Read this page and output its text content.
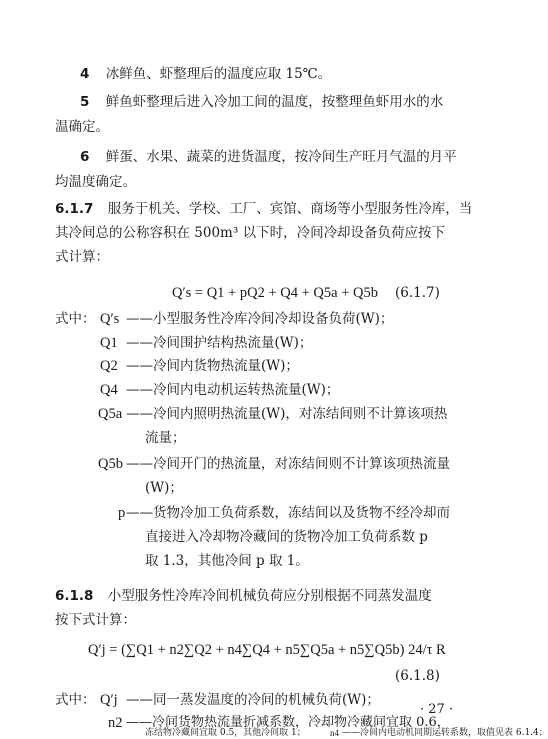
4 冰鲜鱼、虾整理后的温度应取 15℃。
5 鲜鱼虾整理后进入冷加工间的温度，按整理鱼虾用水的水
温确定。
6 鲜蛋、水果、蔬菜的进货温度，按冷间生产旺月气温的月平
均温度确定。
6.1.7 服务于机关、学校、工厂、宾馆、商场等小型服务性冷库，当
其冷间总的公称容积在 500m³ 以下时，冷间冷却设备负荷应按下
式计算：
Q′s = Q1 + pQ2 + Q4 + Q5a + Q5b (6.1.7)
式中： Q′s ——小型服务性冷库冷间冷却设备负荷(W)；
Q1 ——冷间围护结构热流量(W)；
Q2 ——冷间内货物热流量(W)；
Q4 ——冷间内电动机运转热流量(W)；
Q5a ——冷间内照明热流量(W)，对冻结间则不计算该项热
流量；
Q5b ——冷间开门的热流量，对冻结间则不计算该项热流量
(W)；
p ——货物冷加工负荷系数，冻结间以及货物不经冷却而
直接进入冷却物冷藏间的货物冷加工负荷系数 p
取 1.3，其他冷间 p 取 1。
6.1.8 小型服务性冷库冷间机械负荷应分别根据不同蒸发温度
按下式计算：
Q′j = (∑Q1 + n2∑Q2 + n4∑Q4 + n5∑Q5a + n5∑Q5b) 24/τ R
(6.1.8)
式中： Q′j ——同一蒸发温度的冷间的机械负荷(W)；
n2 ——冷间货物热流量折减系数，冷却物冷藏间宜取 0.6，
冻结物冷藏间宜取 0.5，其他冷间取 1；	n4 ——冷间内电动机同期运转系数，取值见表 6.1.4；
· 27 ·
